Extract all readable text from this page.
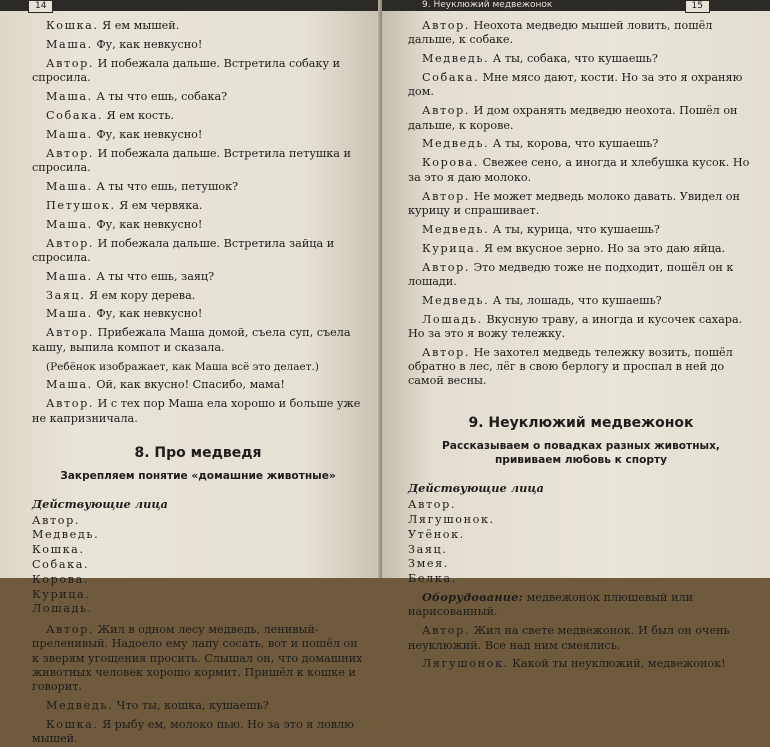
14

Кошка. Я ем мышей.

Маша. Фу, как невкусно!

Автор. И побежала дальше. Встретила собаку и спросила.

Маша. А ты что ешь, собака?

Собака. Я ем кость.

Маша. Фу, как невкусно!

Автор. И побежала дальше. Встретила петушка и спросила.

Маша. А ты что ешь, петушок?

Петушок. Я ем червяка.

Маша. Фу, как невкусно!

Автор. И побежала дальше. Встретила зайца и спросила.

Маша. А ты что ешь, заяц?

Заяц. Я ем кору дерева.

Маша. Фу, как невкусно!

Автор. Прибежала Маша домой, съела суп, съела кашу, выпила компот и сказала.

(Ребёнок изображает, как Маша всё это делает.)

Маша. Ой, как вкусно! Спасибо, мама!

Автор. И с тех пор Маша ела хорошо и больше уже не капризничала.

8. Про медведя
Закрепляем понятие «домашние животные»
Действующие лица
Автор.
Медведь.
Кошка.
Собака.
Корова.
Курица.
Лошадь.

Автор. Жил в одном лесу медведь, ленивый-преленивый. Надоело ему лапу сосать, вот и пошёл он к зверям угощения просить. Слышал он, что домашних животных человек хорошо кормит. Пришёл к кошке и говорит.

Медведь. Что ты, кошка, кушаешь?

Кошка. Я рыбу ем, молоко пью. Но за это я ловлю мышей.

9. Неуклюжий медвежонок	15

Автор. Неохота медведю мышей ловить, пошёл дальше, к собаке.

Медведь. А ты, собака, что кушаешь?

Собака. Мне мясо дают, кости. Но за это я охраняю дом.

Автор. И дом охранять медведю неохота. Пошёл он дальше, к корове.

Медведь. А ты, корова, что кушаешь?

Корова. Свежее сено, а иногда и хлебушка кусок. Но за это я даю молоко.

Автор. Не может медведь молоко давать. Увидел он курицу и спрашивает.

Медведь. А ты, курица, что кушаешь?

Курица. Я ем вкусное зерно. Но за это даю яйца.

Автор. Это медведю тоже не подходит, пошёл он к лошади.

Медведь. А ты, лошадь, что кушаешь?

Лошадь. Вкусную траву, а иногда и кусочек сахара. Но за это я вожу тележку.

Автор. Не захотел медведь тележку возить, пошёл обратно в лес, лёг в свою берлогу и проспал в ней до самой весны.

9. Неуклюжий медвежонок
Рассказываем о повадках разных животных, прививаем любовь к спорту
Действующие лица
Автор.
Лягушонок.
Утёнок.
Заяц.
Змея.
Белка.

Оборудование: медвежонок плюшевый или нарисованный.

Автор. Жил на свете медвежонок. И был он очень неуклюжий. Все над ним смеялись.

Лягушонок. Какой ты неуклюжий, медвежонок!
